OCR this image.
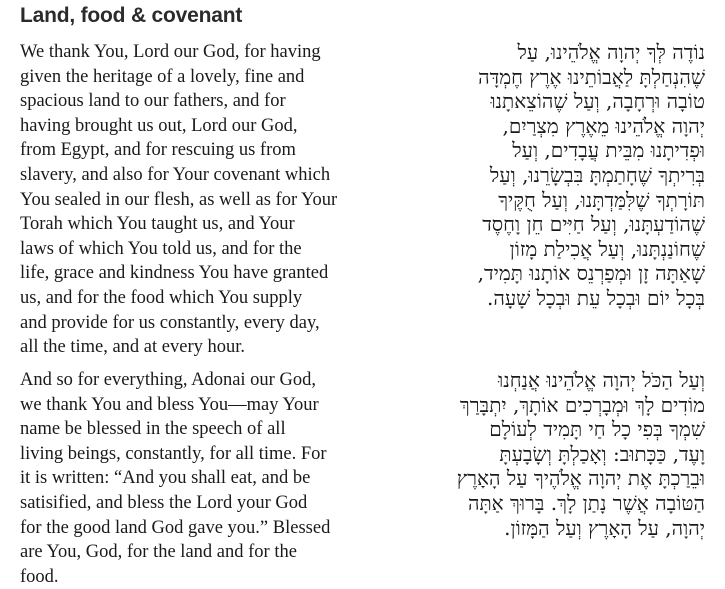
Land, food & covenant
We thank You, Lord our God, for having
given the heritage of a lovely, fine and
spacious land to our fathers, and for
having brought us out, Lord our God,
from Egypt, and for rescuing us from
slavery, and also for Your covenant which
You sealed in our flesh, as well as for Your
Torah which You taught us, and Your
laws of which You told us, and for the
life, grace and kindness You have granted
us, and for the food which You supply
and provide for us constantly, every day,
all the time, and at every hour.
And so for everything, Adonai our God,
we thank You and bless You—may Your
name be blessed in the speech of all
living beings, constantly, for all time. For
it is written: “And you shall eat, and be
satisified, and bless the Lord your God
for the good land God gave you.” Blessed
are You, God, for the land and for the
food.
נוֹדֶה לְּךָ יְהוָה אֱלֹהֵינוּ, עַל
שֶׁהִנְחַלְתָּ לַאֲבוֹתֵינוּ אֶרֶץ חֶמְדָּה
טוֹבָה וּרְחָבָה, וְעַל שֶׁהוֹצֵאתָנוּ
יְהוָה אֱלֹהֵינוּ מֵאֶרֶץ מִצְרַיִם,
וּפְדִיתָנוּ מִבֵּית עֲבָדִים, וְעַל
בְּרִיתְךָ שֶׁחָתַמְתָּ בִּבְשָׂרֵנוּ, וְעַל
תּוֹרָתְךָ שֶׁלִּמַּדְתָּנוּ, וְעַל חֻקֶּיךָ
שֶׁהוֹדַעְתָּנוּ, וְעַל חַיִּים חֵן וָחֶסֶד
שֶׁחוֹנַנְתָּנוּ, וְעַל אֲכִילַת מָזוֹן
שָׁאַתָּה זָן וּמְפַרְנֵס אוֹתָנוּ תָּמִיד,
בְּכָל יוֹם וּבְכָל עֵת וּבְכָל שָׁעָה.
וְעַל הַכֹּל יְהוָה אֱלֹהֵינוּ אֲנַחְנוּ
מוֹדִים לָךְ וּמְבָרְכִים אוֹתָךְ, יִתְבָּרַךְ
שִׁמְךָ בְּפִי כָל חַי תָּמִיד לְעוֹלָם
וָעֶד, כַּכָּתוּב: וְאָכַלְתָּ וְשָׂבָעְתָּ
וּבֵרַכְתָּ אֶת יְהוָה אֱלֹהֶיךָ עַל הָאָרֶץ
הַטּוֹבָה אֲשֶׁר נָתַן לָךְ. בָּרוּךְ אַתָּה
יְהוָה, עַל הָאָרֶץ וְעַל הַמָּזוֹן.
